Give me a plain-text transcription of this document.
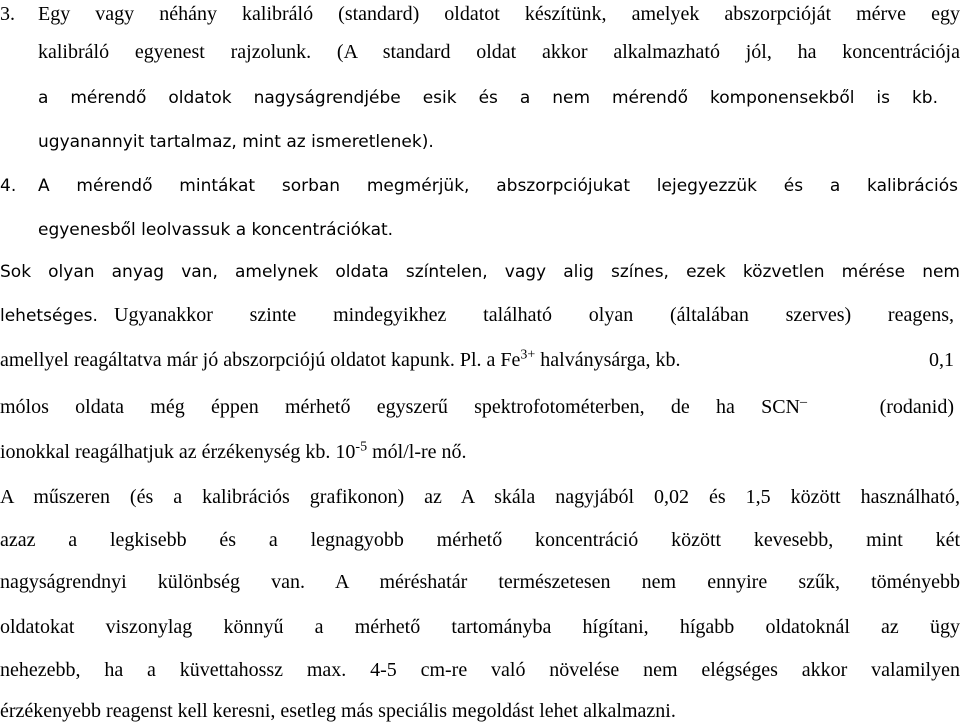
3. Egy vagy néhány kalibráló (standard) oldatot készítünk, amelyek abszorpcióját mérve egy
kalibráló egyenest rajzolunk. (A standard oldat akkor alkalmazható jól, ha koncentrációja
a mérendő oldatok nagyságrendjébe esik és a nem mérendő komponensekből is kb.
ugyanannyit tartalmaz, mint az ismeretlenek).
4. A mérendő mintákat sorban megmérjük, abszorpciójukat lejegyezzük és a kalibrációs
egyenesből leolvassuk a koncentrációkat.
Sok olyan anyag van, amelynek oldata színtelen, vagy alig színes, ezek közvetlen mérése nem
lehetséges. Ugyanakkor szinte mindegyikhez található olyan (általában szerves) reagens,
amellyel reagáltatva már jó abszorpciójú oldatot kapunk. Pl. a $Fe^{3+}$ halványsárga, kb.	0,1
mólos oldata még éppen mérhető egyszerű spektrofotométerben, de ha SCN–	(rodanid)
ionokkal reagálhatjuk az érzékenység kb. $10^{-5}$ mól/l-re nő.
A műszeren (és a kalibrációs grafikonon) az A skála nagyjából 0,02 és 1,5 között használható,
azaz a legkisebb és a legnagyobb mérhető koncentráció között kevesebb, mint két
nagyságrendnyi különbség van. A méréshatár természetesen nem ennyire szűk, töményebb
oldatokat viszonylag könnyű a mérhető tartományba hígítani, hígabb oldatoknál az ügy
nehezebb, ha a küvettahossz max. 4-5 cm-re való növelése nem elégséges akkor valamilyen
érzékenyebb reagenst kell keresni, esetleg más speciális megoldást lehet alkalmazni.
